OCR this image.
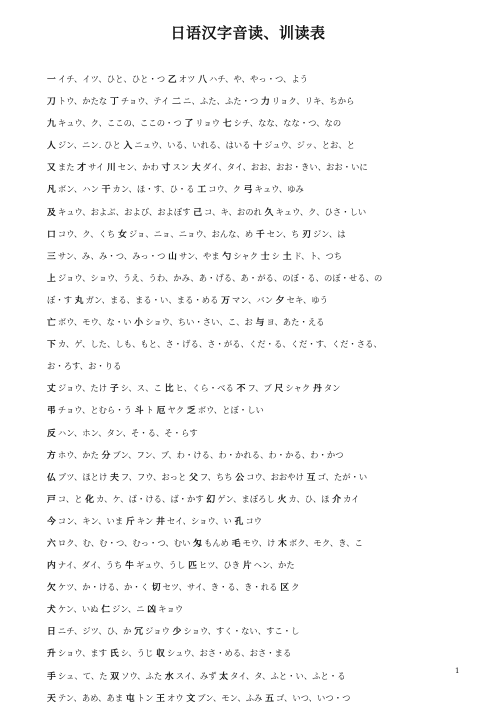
日语汉字音读、训读表
一 イチ、イツ、ひと、ひと・つ 乙 オツ 八 ハチ、や、やっ・つ、よう
刀 トウ、かたな 丁 チョウ、テイ 二 ニ、ふた、ふた・つ 力 リョク、リキ、ちから
九 キュウ、ク、ここの、ここの・つ 了 リョウ 七 シチ、なな、なな・つ、なの
人 ジン、ニン. ひと 入 ニュウ、いる、いれる、はいる 十 ジュウ、ジッ、とお、と
又 また 才 サイ 川 セン、かわ 寸 スン 大 ダイ、タイ、おお、おお・きい、おお・いに
凡 ボン、ハン 干 カン、ほ・す、ひ・る 工 コウ、ク 弓 キュウ、ゆみ
及 キュウ、およぶ、および、およぼす 己 コ、キ、おのれ 久 キュウ、ク、ひさ・しい
口 コウ、ク、くち 女 ジョ、ニョ、ニョウ、おんな、め 千 セン、ち 刃 ジン、は
三 サン、み、み・つ、みっ・つ 山 サン、やま 勺 シャク 士 シ 土 ド、ト、つち
上 ジョウ、ショウ、うえ、うわ、かみ、あ・げる、あ・がる、のぼ・る、のぼ・せる、の
ぼ・す 丸 ガン、まる、まる・い、まる・める 万 マン、バン 夕 セキ、ゆう
亡 ボウ、モウ、な・い 小 ショウ、ちい・さい、こ、お 与 ヨ、あた・える
下 カ、ゲ、した、しも、もと、さ・げる、さ・がる、くだ・る、くだ・す、くだ・さる、
お・ろす、お・りる
丈 ジョウ、たけ 子 シ、ス、こ 比 ヒ、くら・べる 不 フ、ブ 尺 シャク 丹 タン
弔 チョウ、とむら・う 斗 ト 厄 ヤク 乏 ボウ、とぼ・しい
反 ハン、ホン、タン、そ・る、そ・らす
方 ホウ、かた 分 ブン、フン、ブ、わ・ける、わ・かれる、わ・かる、わ・かつ
仏 ブツ、ほとけ 夫 フ、フウ、おっと 父 フ、ちち 公 コウ、おおやけ 互 ゴ、たが・い
戸 コ、と 化 カ、ケ、ば・ける、ば・かす 幻 ゲン、まぼろし 火 カ、ひ、ほ 介 カイ
今 コン、キン、いま 斤 キン 井 セイ、ショウ、い 孔 コウ
六 ロク、む、む・つ、むっ・つ、むい 匁 もんめ 毛 モウ、け 木 ボク、モク、き、こ
内 ナイ、ダイ、うち 牛 ギュウ、うし 匹 ヒツ、ひき 片 ヘン、かた
欠 ケツ、か・ける、か・く 切 セツ、サイ、き・る、き・れる 区 ク
犬 ケン、いぬ 仁 ジン、ニ 凶 キョウ
日 ニチ、ジツ、ひ、か 冗 ジョウ 少 ショウ、すく・ない、すこ・し
升 ショウ、ます 氏 シ、うじ 収 シュウ、おさ・める、おさ・まる
手 シュ、て、た 双 ソウ、ふた 水 スイ、みず 太 タイ、タ、ふと・い、ふと・る
天 テン、あめ、あま 屯 トン 王 オウ 文 ブン、モン、ふみ 五 ゴ、いつ、いつ・つ
1
